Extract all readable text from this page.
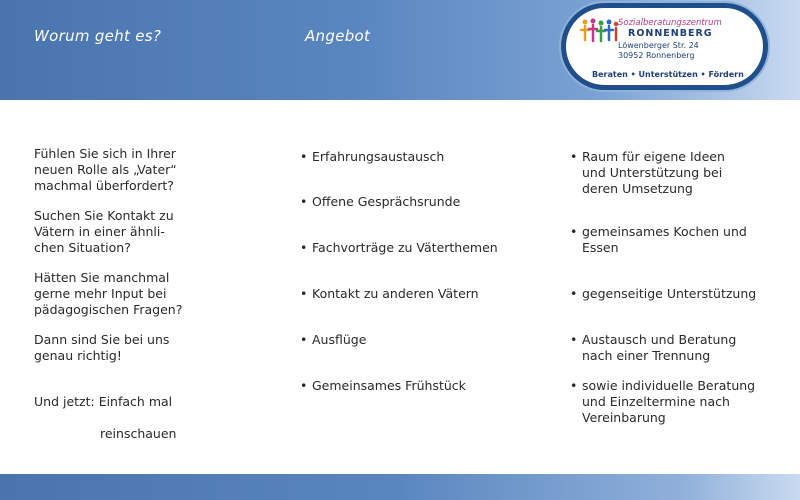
Worum geht es?	Angebot
Sozialberatungszentrum
RONNENBERG
Löwenberger Str. 24
30952 Ronnenberg
Beraten • Unterstützen • Fördern

Fühlen Sie sich in Ihrer
neuen Rolle als „Vater“
machmal überfordert?

Suchen Sie Kontakt zu
Vätern in einer ähnli-
chen Situation?

Hätten Sie manchmal
gerne mehr Input bei
pädagogischen Fragen?

Dann sind Sie bei uns
genau richtig!

Und jetzt: Einfach mal

reinschauen

• Erfahrungsaustausch
• Offene Gesprächsrunde
• Fachvorträge zu Väterthemen
• Kontakt zu anderen Vätern
• Ausflüge
• Gemeinsames Frühstück
• Raum für eigene Ideen
und Unterstützung bei
deren Umsetzung
• gemeinsames Kochen und
Essen
• gegenseitige Unterstützung
• Austausch und Beratung
nach einer Trennung
• sowie individuelle Beratung
und Einzeltermine nach
Vereinbarung
